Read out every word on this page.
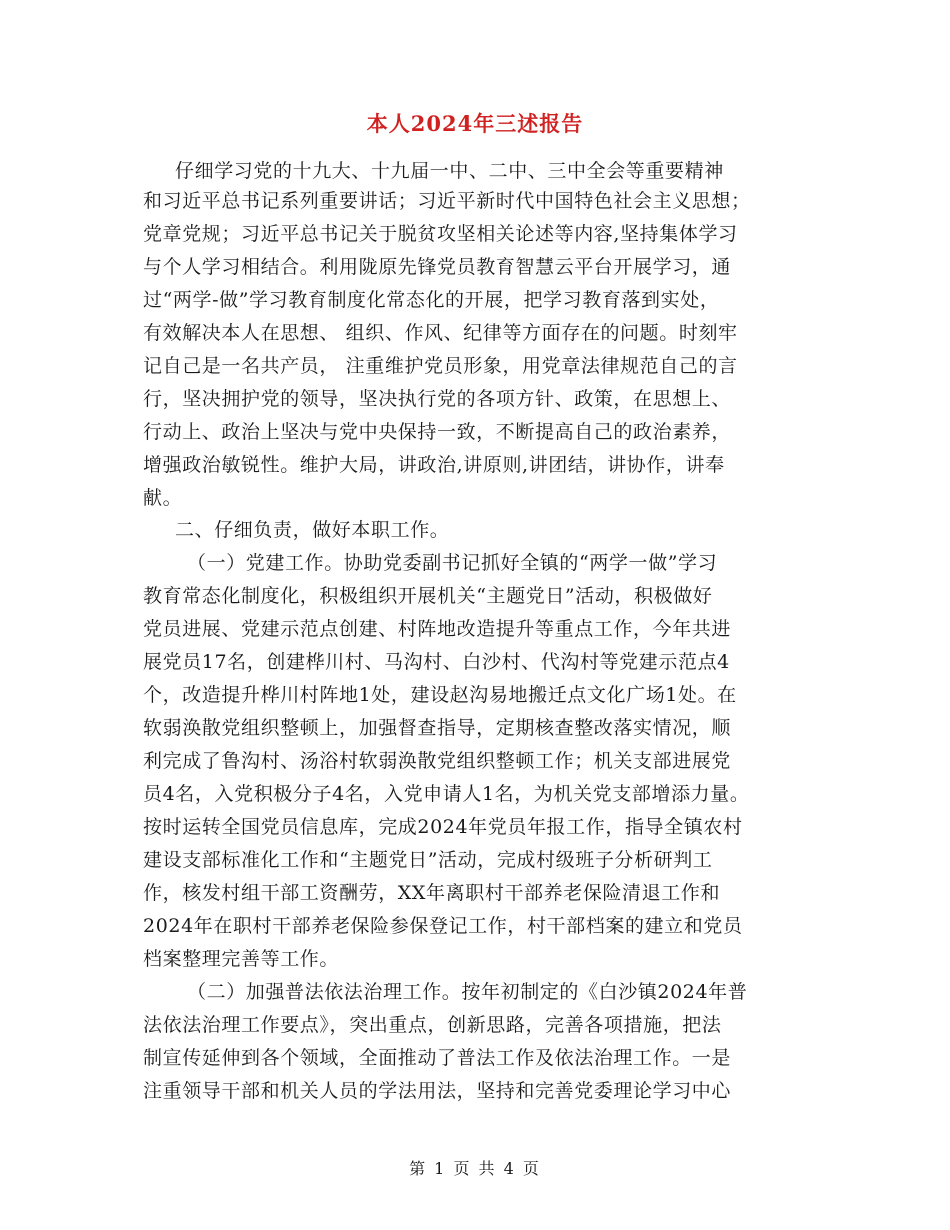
本人2024年三述报告
仔细学习党的十九大、十九届一中、二中、三中全会等重要精神
和习近平总书记系列重要讲话；习近平新时代中国特色社会主义思想；
党章党规；习近平总书记关于脱贫攻坚相关论述等内容,坚持集体学习
与个人学习相结合。利用陇原先锋党员教育智慧云平台开展学习，通
过“两学-做”学习教育制度化常态化的开展，把学习教育落到实处，
有效解决本人在思想、 组织、作风、纪律等方面存在的问题。时刻牢
记自己是一名共产员， 注重维护党员形象，用党章法律规范自己的言
行，坚决拥护党的领导，坚决执行党的各项方针、政策，在思想上、
行动上、政治上坚决与党中央保持一致，不断提高自己的政治素养，
增强政治敏锐性。维护大局，讲政治,讲原则,讲团结，讲协作，讲奉
献。
二、仔细负责，做好本职工作。
（一）党建工作。协助党委副书记抓好全镇的“两学一做”学习
教育常态化制度化，积极组织开展机关“主题党日”活动，积极做好
党员进展、党建示范点创建、村阵地改造提升等重点工作，今年共进
展党员17名，创建桦川村、马沟村、白沙村、代沟村等党建示范点4
个，改造提升桦川村阵地1处，建设赵沟易地搬迁点文化广场1处。在
软弱涣散党组织整顿上，加强督查指导，定期核查整改落实情况，顺
利完成了鲁沟村、汤浴村软弱涣散党组织整顿工作；机关支部进展党
员4名，入党积极分子4名，入党申请人1名，为机关党支部增添力量。
按时运转全国党员信息库，完成2024年党员年报工作，指导全镇农村
建设支部标准化工作和“主题党日”活动，完成村级班子分析研判工
作，核发村组干部工资酬劳，XX年离职村干部养老保险清退工作和
2024年在职村干部养老保险参保登记工作，村干部档案的建立和党员
档案整理完善等工作。
（二）加强普法依法治理工作。按年初制定的《白沙镇2024年普
法依法治理工作要点》，突出重点，创新思路，完善各项措施，把法
制宣传延伸到各个领域，全面推动了普法工作及依法治理工作。一是
注重领导干部和机关人员的学法用法，坚持和完善党委理论学习中心
第 1 页 共 4 页
